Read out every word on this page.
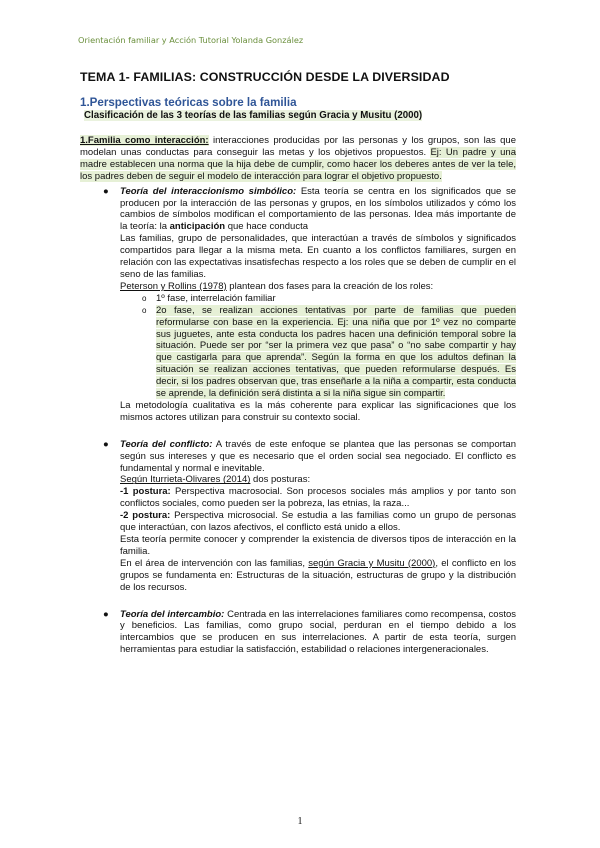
Orientación familiar y Acción Tutorial Yolanda González
TEMA 1- FAMILIAS: CONSTRUCCIÓN DESDE LA DIVERSIDAD
1.Perspectivas teóricas sobre la familia
Clasificación de las 3 teorías de las familias según Gracia y Musitu (2000)

1.Familia como interacción: interacciones producidas por las personas y los grupos, son las que modelan unas conductas para conseguir las metas y los objetivos propuestos. Ej: Un padre y una madre establecen una norma que la hija debe de cumplir, como hacer los deberes antes de ver la tele, los padres deben de seguir el modelo de interacción para lograr el objetivo propuesto.

● Teoría del interaccionismo simbólico: Esta teoría se centra en los significados que se producen por la interacción de las personas y grupos, en los símbolos utilizados y cómo los cambios de símbolos modifican el comportamiento de las personas. Idea más importante de la teoría: la anticipación que hace conducta

Las familias, grupo de personalidades, que interactúan a través de símbolos y significados compartidos para llegar a la misma meta. En cuanto a los conflictos familiares, surgen en relación con las expectativas insatisfechas respecto a los roles que se deben de cumplir en el seno de las familias.

Peterson y Rollins (1978) plantean dos fases para la creación de los roles:

o 1º fase, interrelación familiar

o 2o fase, se realizan acciones tentativas por parte de familias que pueden reformularse con base en la experiencia. Ej: una niña que por 1º vez no comparte sus juguetes, ante esta conducta los padres hacen una definición temporal sobre la situación. Puede ser por “ser la primera vez que pasa” o “no sabe compartir y hay que castigarla para que aprenda”. Según la forma en que los adultos definan la situación se realizan acciones tentativas, que pueden reformularse después. Es decir, si los padres observan que, tras enseñarle a la niña a compartir, esta conducta se aprende, la definición será distinta a si la niña sigue sin compartir.

La metodología cualitativa es la más coherente para explicar las significaciones que los mismos actores utilizan para construir su contexto social.

● Teoría del conflicto: A través de este enfoque se plantea que las personas se comportan según sus intereses y que es necesario que el orden social sea negociado. El conflicto es fundamental y normal e inevitable.

Según Iturrieta-Olivares (2014) dos posturas:

-1 postura: Perspectiva macrosocial. Son procesos sociales más amplios y por tanto son conflictos sociales, como pueden ser la pobreza, las etnias, la raza...

-2 postura: Perspectiva microsocial. Se estudia a las familias como un grupo de personas que interactúan, con lazos afectivos, el conflicto está unido a ellos.

Esta teoría permite conocer y comprender la existencia de diversos tipos de interacción en la familia.

En el área de intervención con las familias, según Gracia y Musitu (2000), el conflicto en los grupos se fundamenta en: Estructuras de la situación, estructuras de grupo y la distribución de los recursos.

● Teoría del intercambio: Centrada en las interrelaciones familiares como recompensa, costos y beneficios. Las familias, como grupo social, perduran en el tiempo debido a los intercambios que se producen en sus interrelaciones. A partir de esta teoría, surgen herramientas para estudiar la satisfacción, estabilidad o relaciones intergeneracionales.

1
